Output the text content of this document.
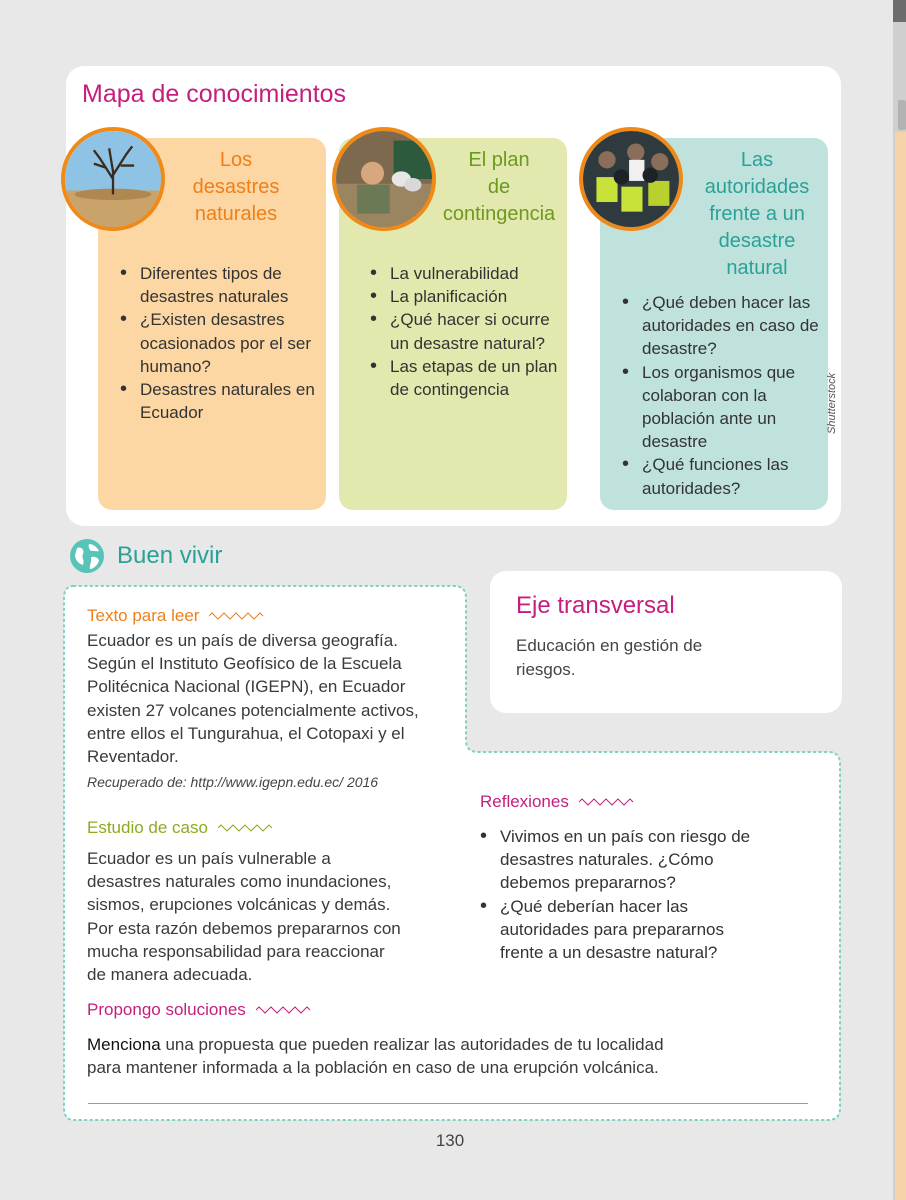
Mapa de conocimientos
Los
desastres
naturales
El plan
de
contingencia
Las
autoridades
frente a un
desastre
natural
• Diferentes tipos de desastres naturales
• ¿Existen desastres ocasionados por el ser humano?
• Desastres naturales en Ecuador
• La vulnerabilidad
• La planificación
• ¿Qué hacer si ocurre un desastre natural?
• Las etapas de un plan de contingencia
• ¿Qué deben hacer las autoridades en caso de desastre?
• Los organismos que colaboran con la población ante un desastre
• ¿Qué funciones las autoridades?
Shutterstock
Buen vivir
Eje transversal
Educación en gestión de riesgos.
Texto para leer
Ecuador es un país de diversa geografía. Según el Instituto Geofísico de la Escuela Politécnica Nacional (IGEPN), en Ecuador existen 27 volcanes potencialmente activos, entre ellos el Tungurahua, el Cotopaxi y el Reventador.
Recuperado de: http://www.igepn.edu.ec/ 2016
Estudio de caso
Ecuador es un país vulnerable a desastres naturales como inundaciones, sismos, erupciones volcánicas y demás. Por esta razón debemos prepararnos con mucha responsabilidad para reaccionar de manera adecuada.
Reflexiones
• Vivimos en un país con riesgo de desastres naturales. ¿Cómo debemos prepararnos?
• ¿Qué deberían hacer las autoridades para prepararnos frente a un desastre natural?
Propongo soluciones
Menciona una propuesta que pueden realizar las autoridades de tu localidad para mantener informada a la población en caso de una erupción volcánica.
130
